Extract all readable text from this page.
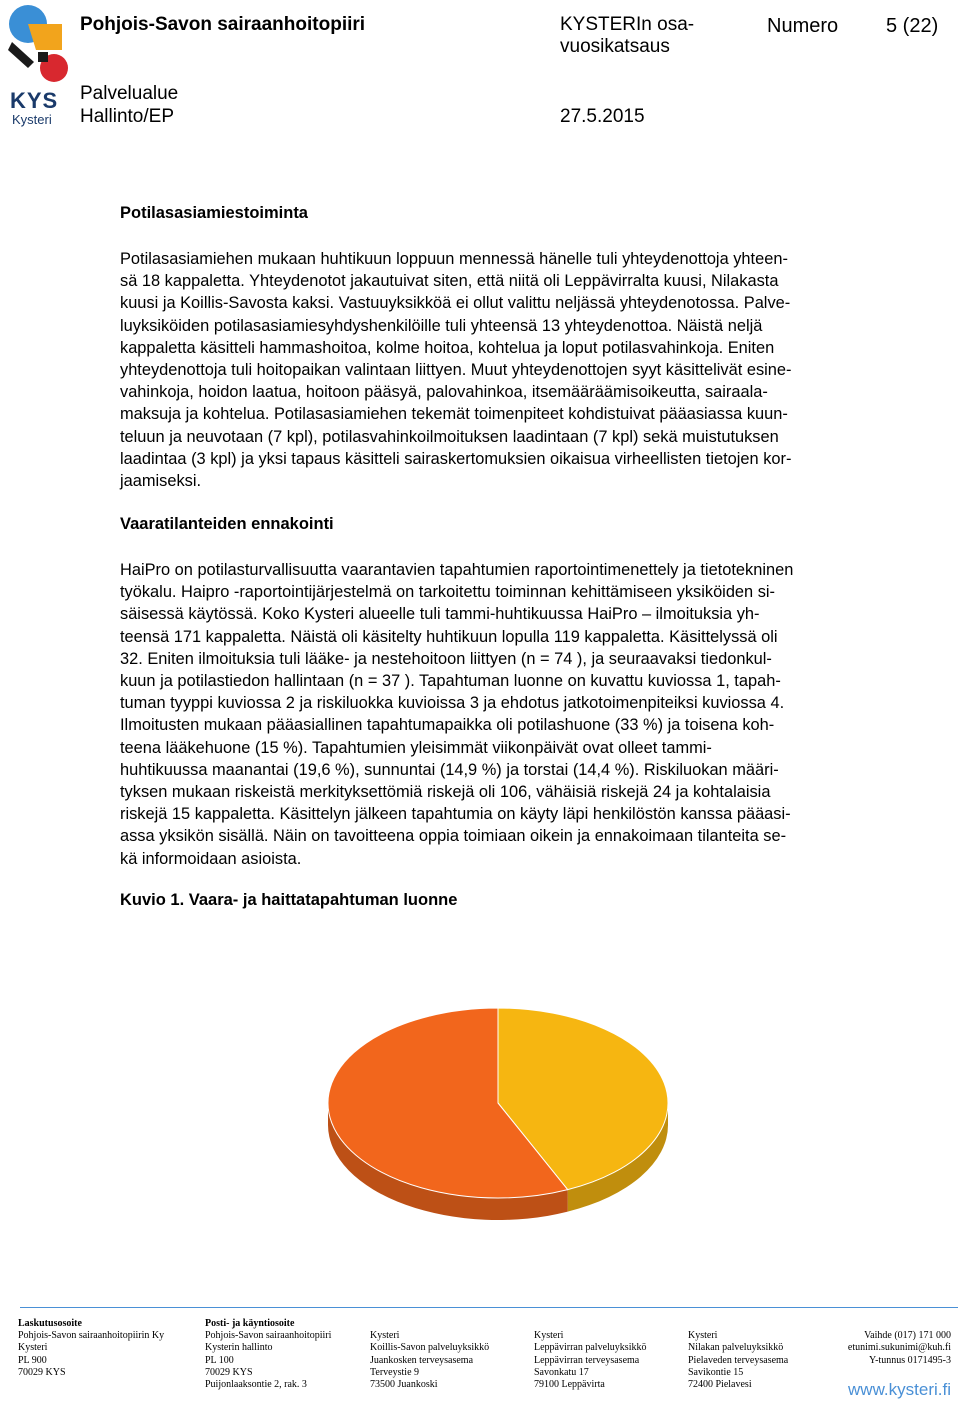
KYS
Kysteri
Pohjois-Savon sairaanhoitopiiri	KYSTERIn osa-vuosikatsaus
Numero 5 (22)
Palvelualue
Hallinto/EP	27.5.2015
Potilasasiamiestoiminta
Potilasasiamiehen mukaan huhtikuun loppuun mennessä hänelle tuli yhteydenottoja yhteen-
sä 18 kappaletta. Yhteydenotot jakautuivat siten, että niitä oli Leppävirralta kuusi, Nilakasta
kuusi ja Koillis-Savosta kaksi. Vastuuyksikköä ei ollut valittu neljässä yhteydenotossa. Palve-
luyksiköiden potilasasiamiesyhdyshenkilöille tuli yhteensä 13 yhteydenottoa. Näistä neljä
kappaletta käsitteli hammashoitoa, kolme hoitoa, kohtelua ja loput potilasvahinkoja. Eniten
yhteydenottoja tuli hoitopaikan valintaan liittyen. Muut yhteydenottojen syyt käsittelivät esine-
vahinkoja, hoidon laatua, hoitoon pääsyä, palovahinkoa, itsemääräämisoikeutta, sairaala-
maksuja ja kohtelua. Potilasasiamiehen tekemät toimenpiteet kohdistuivat pääasiassa kuun-
teluun ja neuvotaan (7 kpl), potilasvahinkoilmoituksen laadintaan (7 kpl) sekä muistutuksen
laadintaa (3 kpl) ja yksi tapaus käsitteli sairaskertomuksien oikaisua virheellisten tietojen kor-
jaamiseksi.
Vaaratilanteiden ennakointi
HaiPro on potilasturvallisuutta vaarantavien tapahtumien raportointimenettely ja tietotekninen
työkalu. Haipro -raportointijärjestelmä on tarkoitettu toiminnan kehittämiseen yksiköiden si-
säisessä käytössä. Koko Kysteri alueelle tuli tammi-huhtikuussa HaiPro – ilmoituksia yh-
teensä 171 kappaletta. Näistä oli käsitelty huhtikuun lopulla 119 kappaletta. Käsittelyssä oli
32. Eniten ilmoituksia tuli lääke- ja nestehoitoon liittyen (n = 74 ), ja seuraavaksi tiedonkul-
kuun ja potilastiedon hallintaan (n = 37 ). Tapahtuman luonne on kuvattu kuviossa 1, tapah-
tuman tyyppi kuviossa 2 ja riskiluokka kuvioissa 3 ja ehdotus jatkotoimenpiteiksi kuviossa 4.
Ilmoitusten mukaan pääasiallinen tapahtumapaikka oli potilashuone (33 %) ja toisena koh-
teena lääkehuone (15 %). Tapahtumien yleisimmät viikonpäivät ovat olleet tammi-
huhtikuussa maanantai (19,6 %), sunnuntai (14,9 %) ja torstai (14,4 %). Riskiluokan määri-
tyksen mukaan riskeistä merkityksettömiä riskejä oli 106, vähäisiä riskejä 24 ja kohtalaisia
riskejä 15 kappaletta. Käsittelyn jälkeen tapahtumia on käyty läpi henkilöstön kanssa pääasi-
assa yksikön sisällä. Näin on tavoitteena oppia toimiaan oikein ja ennakoimaan tilanteita se-
kä informoidaan asioista.
Kuvio 1. Vaara- ja haittatapahtuman luonne
läheltä piti: 74 kpl (43,27%)
tapahtui potilaalle: 97 kpl (56,73%)
Laskutusosoite
Pohjois-Savon sairaanhoitopiirin Ky
Kysteri
PL 900
70029 KYS
Posti- ja käyntiosoite
Pohjois-Savon sairaanhoitopiiri
Kysterin hallinto
PL 100
70029 KYS
Puijonlaaksontie 2, rak. 3
Kysteri
Koillis-Savon palveluyksikkö
Juankosken terveysasema
Terveystie 9
73500 Juankoski
Kysteri
Leppävirran palveluyksikkö
Leppävirran terveysasema
Savonkatu 17
79100 Leppävirta
Kysteri
Nilakan palveluyksikkö
Pielaveden terveysasema
Savikontie 15
72400 Pielavesi
Vaihde (017) 171 000
etunimi.sukunimi@kuh.fi
Y-tunnus 0171495-3
www.kysteri.fi
